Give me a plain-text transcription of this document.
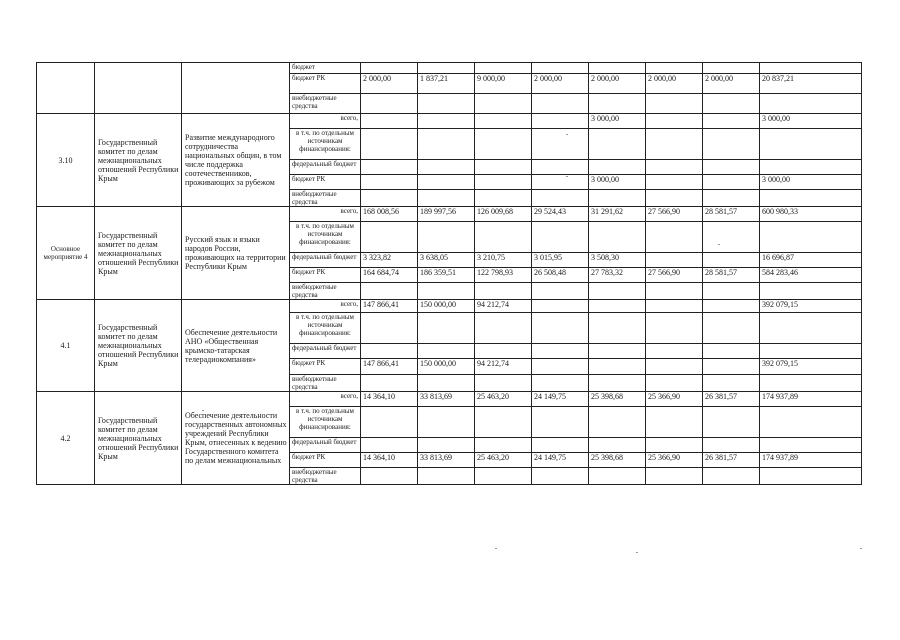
			бюджет								
			бюджет РК	2 000,00	1 837,21	9 000,00	2 000,00	2 000,00	2 000,00	2 000,00	20 837,21
			внебюджетные средства								
3.10	Государственный комитет по делам межнациональных отношений Республики Крым	Развитие международного сотрудничества национальных общин, в том числе поддержка соотечественников, проживающих за рубежом	всего,					3 000,00			3 000,00
			в т.ч. по отдельным источникам финансирования:								
			федеральный бюджет								
			бюджет РК					3 000,00			3 000,00
			внебюджетные средства								
Основное мероприятие 4	Государственный комитет по делам межнациональных отношений Республики Крым	Русский язык и языки народов России, проживающих на территории Республики Крым	всего,	168 008,56	189 997,56	126 009,68	29 524,43	31 291,62	27 566,90	28 581,57	600 980,33
			в т.ч. по отдельным источникам финансирования:								
			федеральный бюджет	3 323,82	3 638,05	3 210,75	3 015,95	3 508,30			16 696,87
			бюджет РК	164 684,74	186 359,51	122 798,93	26 508,48	27 783,32	27 566,90	28 581,57	584 283,46
			внебюджетные средства								
4.1	Государственный комитет по делам межнациональных отношений Республики Крым	Обеспечение деятельности АНО «Общественная крымско-татарская телерадиокомпания»	всего,	147 866,41	150 000,00	94 212,74					392 079,15
			в т.ч. по отдельным источникам финансирования:								
			федеральный бюджет								
			бюджет РК	147 866,41	150 000,00	94 212,74					392 079,15
			внебюджетные средства								
4.2	Государственный комитет по делам межнациональных отношений Республики Крым	Обеспечение деятельности государственных автономных учреждений Республики Крым, отнесенных к ведению Государственного комитета по делам межнациональных	всего,	14 364,10	33 813,69	25 463,20	24 149,75	25 398,68	25 366,90	26 381,57	174 937,89
			в т.ч. по отдельным источникам финансирования:								
			федеральный бюджет								
			бюджет РК	14 364,10	33 813,69	25 463,20	24 149,75	25 398,68	25 366,90	26 381,57	174 937,89
			внебюджетные средства								
